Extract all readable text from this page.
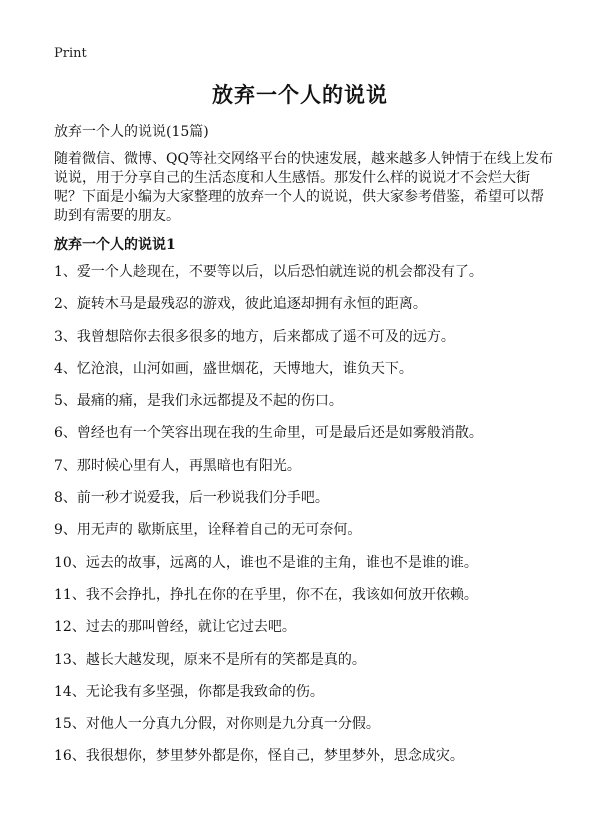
Print
放弃一个人的说说
放弃一个人的说说(15篇)
随着微信、微博、QQ等社交网络平台的快速发展，越来越多人钟情于在线上发布说说，用于分享自己的生活态度和人生感悟。那发什么样的说说才不会烂大街呢？下面是小编为大家整理的放弃一个人的说说，供大家参考借鉴，希望可以帮助到有需要的朋友。
放弃一个人的说说1
1、爱一个人趁现在，不要等以后，以后恐怕就连说的机会都没有了。
2、旋转木马是最残忍的游戏，彼此追逐却拥有永恒的距离。
3、我曾想陪你去很多很多的地方，后来都成了遥不可及的远方。
4、忆沧浪，山河如画，盛世烟花，天博地大，谁负天下。
5、最痛的痛，是我们永远都提及不起的伤口。
6、曾经也有一个笑容出现在我的生命里，可是最后还是如雾般消散。
7、那时候心里有人，再黑暗也有阳光。
8、前一秒才说爱我，后一秒说我们分手吧。
9、用无声的 歇斯底里，诠释着自己的无可奈何。
10、远去的故事，远离的人，谁也不是谁的主角，谁也不是谁的谁。
11、我不会挣扎，挣扎在你的在乎里，你不在，我该如何放开依赖。
12、过去的那叫曾经，就让它过去吧。
13、越长大越发现，原来不是所有的笑都是真的。
14、无论我有多坚强，你都是我致命的伤。
15、对他人一分真九分假，对你则是九分真一分假。
16、我很想你，梦里梦外都是你，怪自己，梦里梦外，思念成灾。
